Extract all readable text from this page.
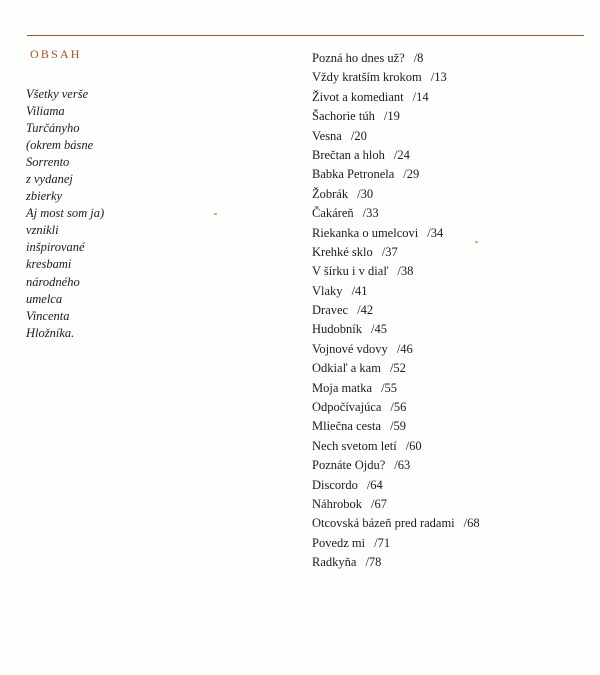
OBSAH
Všetky verše
Viliama
Turčányho
(okrem básne
Sorrento
z vydanej
zbierky
Aj most som ja)
vznikli
inšpirované
kresbami
národného
umelca
Vincenta
Hložníka.
Pozná ho dnes už? /8
Vždy kratším krokom /13
Život a komediant /14
Šachorie túh /19
Vesna /20
Brečtan a hloh /24
Babka Petronela /29
Žobrák /30
Čakáreň /33
Riekanka o umelcovi /34
Krehké sklo /37
V šírku i v diaľ /38
Vlaky /41
Dravec /42
Hudobník /45
Vojnové vdovy /46
Odkiaľ a kam /52
Moja matka /55
Odpočívajúca /56
Mliečna cesta /59
Nech svetom letí /60
Poznáte Ojdu? /63
Discordo /64
Náhrobok /67
Otcovská bázeň pred radami /68
Povedz mi /71
Radkyňa /78
